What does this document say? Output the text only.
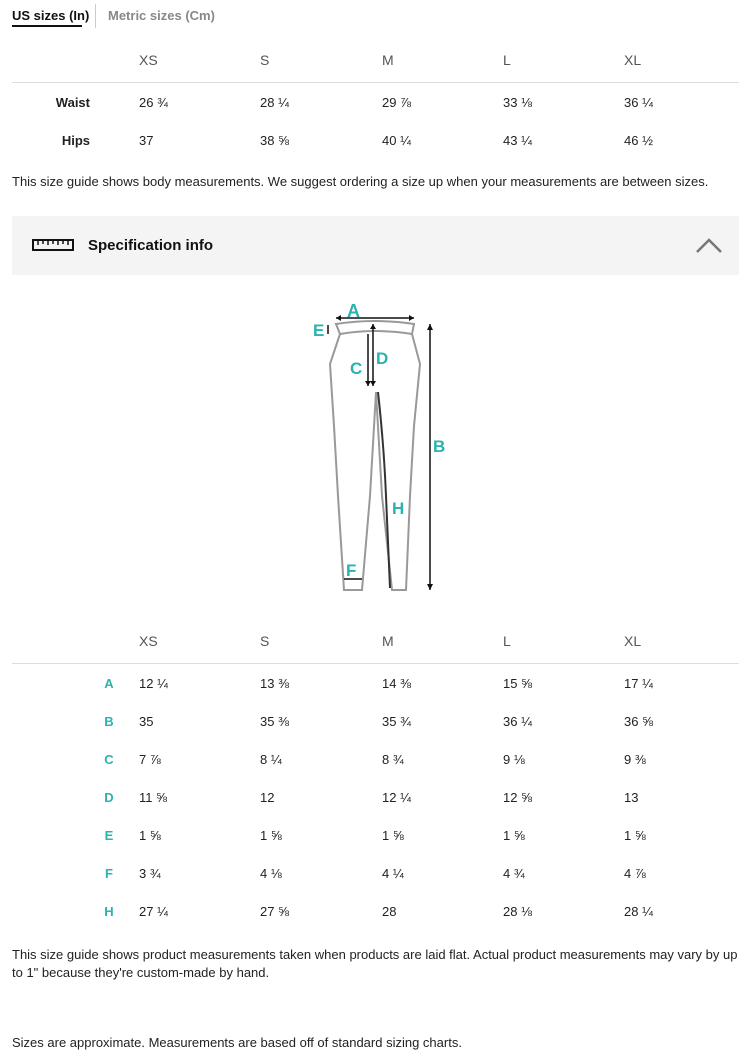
US sizes (In) Metric sizes (Cm)
XS	S	M	L	XL
Waist	26 ¾	28 ¼	29 ⅞	33 ⅛	36 ¼
Hips	37	38 ⅝	40 ¼	43 ¼	46 ½
This size guide shows body measurements. We suggest ordering a size up when your measurements are between sizes.
Specification info
A
E
C
D
B
H
F
XS	S	M	L	XL
A	12 ¼	13 ⅜	14 ⅜	15 ⅝	17 ¼
B	35	35 ⅜	35 ¾	36 ¼	36 ⅝
C	7 ⅞	8 ¼	8 ¾	9 ⅛	9 ⅜
D	11 ⅝	12	12 ¼	12 ⅝	13
E	1 ⅝	1 ⅝	1 ⅝	1 ⅝	1 ⅝
F	3 ¾	4 ⅛	4 ¼	4 ¾	4 ⅞
H	27 ¼	27 ⅝	28	28 ⅛	28 ¼
This size guide shows product measurements taken when products are laid flat. Actual product measurements may vary by up to 1" because they're custom-made by hand.
Sizes are approximate. Measurements are based off of standard sizing charts.
